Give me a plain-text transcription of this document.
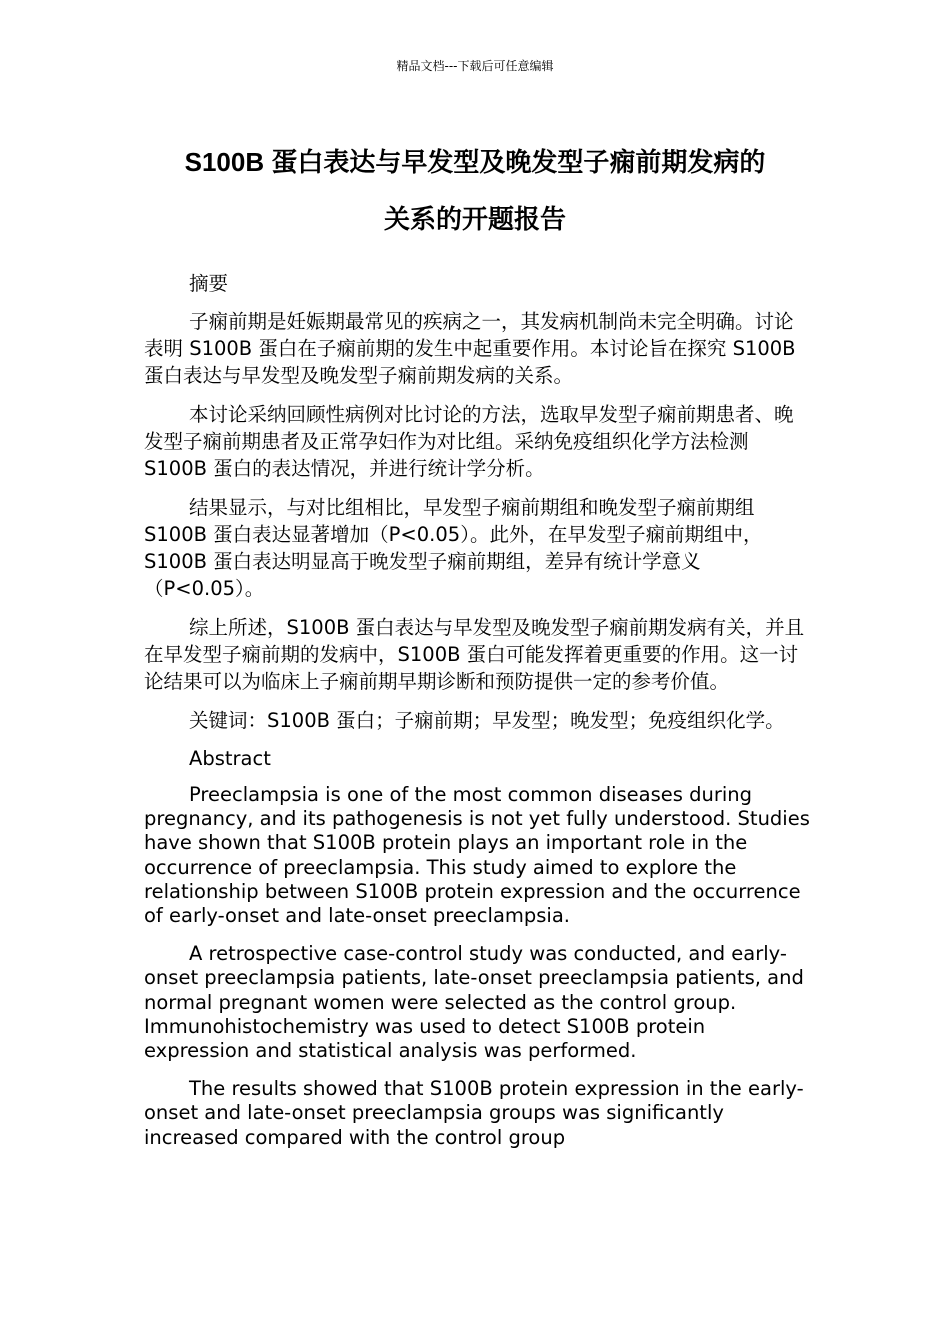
精品文档---下载后可任意编辑
S100B 蛋白表达与早发型及晚发型子痫前期发病的
关系的开题报告

摘要

子痫前期是妊娠期最常见的疾病之一，其发病机制尚未完全明确。讨论表明 S100B 蛋白在子痫前期的发生中起重要作用。本讨论旨在探究 S100B 蛋白表达与早发型及晚发型子痫前期发病的关系。

本讨论采纳回顾性病例对比讨论的方法，选取早发型子痫前期患者、晚发型子痫前期患者及正常孕妇作为对比组。采纳免疫组织化学方法检测 S100B 蛋白的表达情况，并进行统计学分析。

结果显示，与对比组相比，早发型子痫前期组和晚发型子痫前期组 S100B 蛋白表达显著增加（P<0.05）。此外，在早发型子痫前期组中，S100B 蛋白表达明显高于晚发型子痫前期组，差异有统计学意义（P<0.05）。

综上所述，S100B 蛋白表达与早发型及晚发型子痫前期发病有关，并且在早发型子痫前期的发病中，S100B 蛋白可能发挥着更重要的作用。这一讨论结果可以为临床上子痫前期早期诊断和预防提供一定的参考价值。

关键词：S100B 蛋白；子痫前期；早发型；晚发型；免疫组织化学。

Abstract

Preeclampsia is one of the most common diseases during pregnancy, and its pathogenesis is not yet fully understood. Studies have shown that S100B protein plays an important role in the occurrence of preeclampsia. This study aimed to explore the relationship between S100B protein expression and the occurrence of early-onset and late-onset preeclampsia.

A retrospective case-control study was conducted, and early-onset preeclampsia patients, late-onset preeclampsia patients, and normal pregnant women were selected as the control group. Immunohistochemistry was used to detect S100B protein expression and statistical analysis was performed.

The results showed that S100B protein expression in the early-onset and late-onset preeclampsia groups was significantly increased compared with the control group
